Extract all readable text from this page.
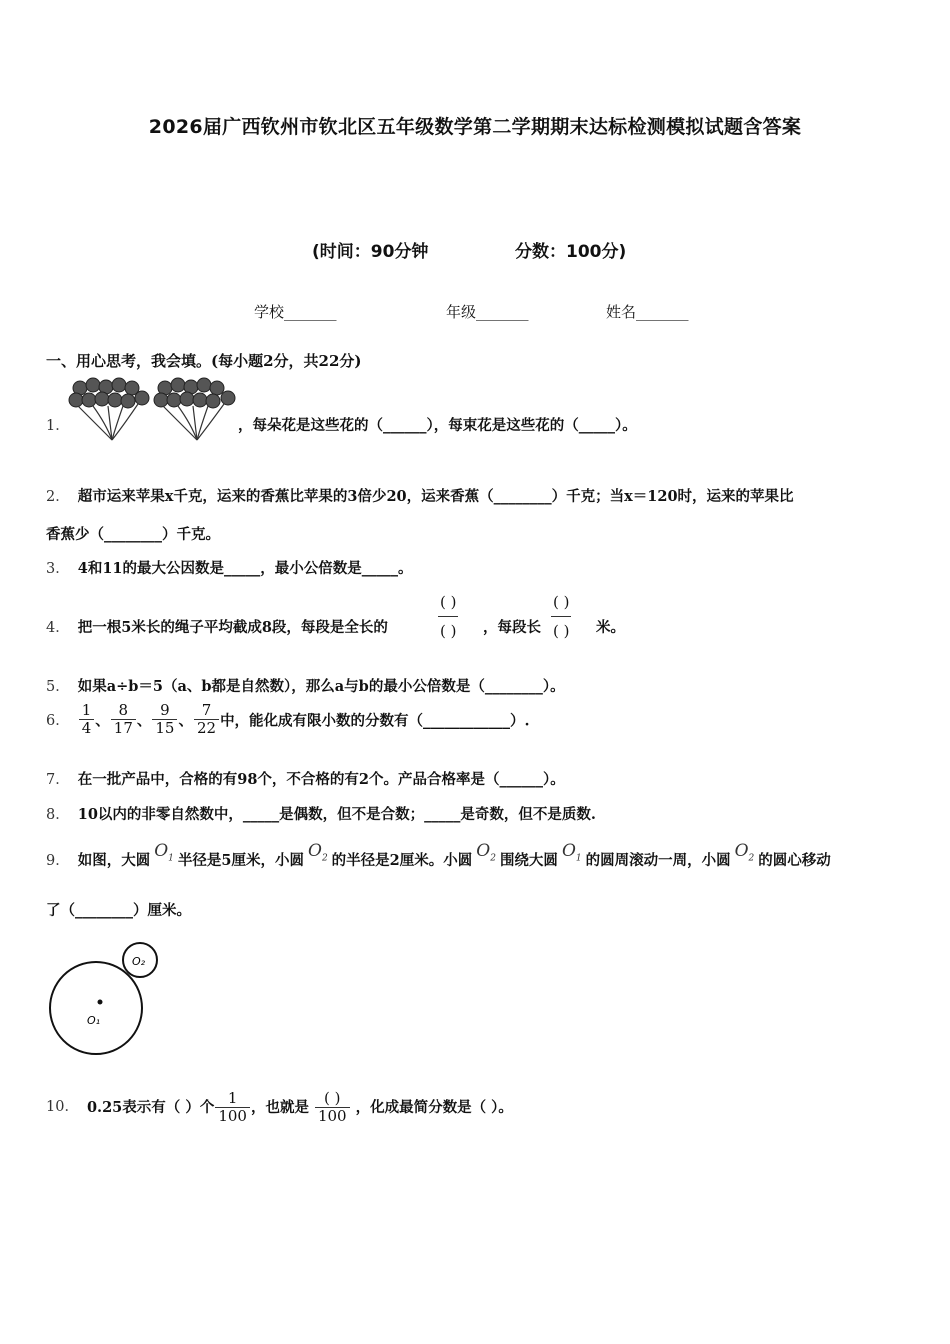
2026届广西钦州市钦北区五年级数学第二学期期末达标检测模拟试题含答案
(时间：90分钟	分数：100分)
学校_______	年级_______	姓名_______
一、用心思考，我会填。(每小题2分，共22分)
1．	，每朵花是这些花的（______），每束花是这些花的（_____）。
2． 超市运来苹果x千克，运来的香蕉比苹果的3倍少20，运来香蕉（________）千克；当x＝120时，运来的苹果比
香蕉少（________）千克。
3． 4和11的最大公因数是_____，最小公倍数是_____。
4． 把一根5米长的绳子平均截成8段，每段是全长的
( )
( ) ，每段长
( )
( ) 米。
5． 如果a÷b＝5（a、b都是自然数），那么a与b的最小公倍数是（________）。
6． $\frac{1}{4}$ 、 $\frac{8}{17}$ 、 $\frac{9}{15}$ 、 $\frac{7}{22}$ 中，能化成有限小数的分数有（____________）.
7． 在一批产品中，合格的有98个，不合格的有2个。产品合格率是（______）。
8． 10以内的非零自然数中，_____是偶数，但不是合数；_____是奇数，但不是质数.
9． 如图，大圆 $O_1$ 半径是5厘米，小圆 $O_2$ 的半径是2厘米。小圆 $O_2$ 围绕大圆 $O_1$ 的圆周滚动一周，小圆 $O_2$ 的圆心移动
了（________）厘米。
O₁
O₂
10． 0.25表示有（ ）个 $\frac{1}{100}$ ，也就是 $\frac{( )}{100}$ ，化成最简分数是（ ）。
